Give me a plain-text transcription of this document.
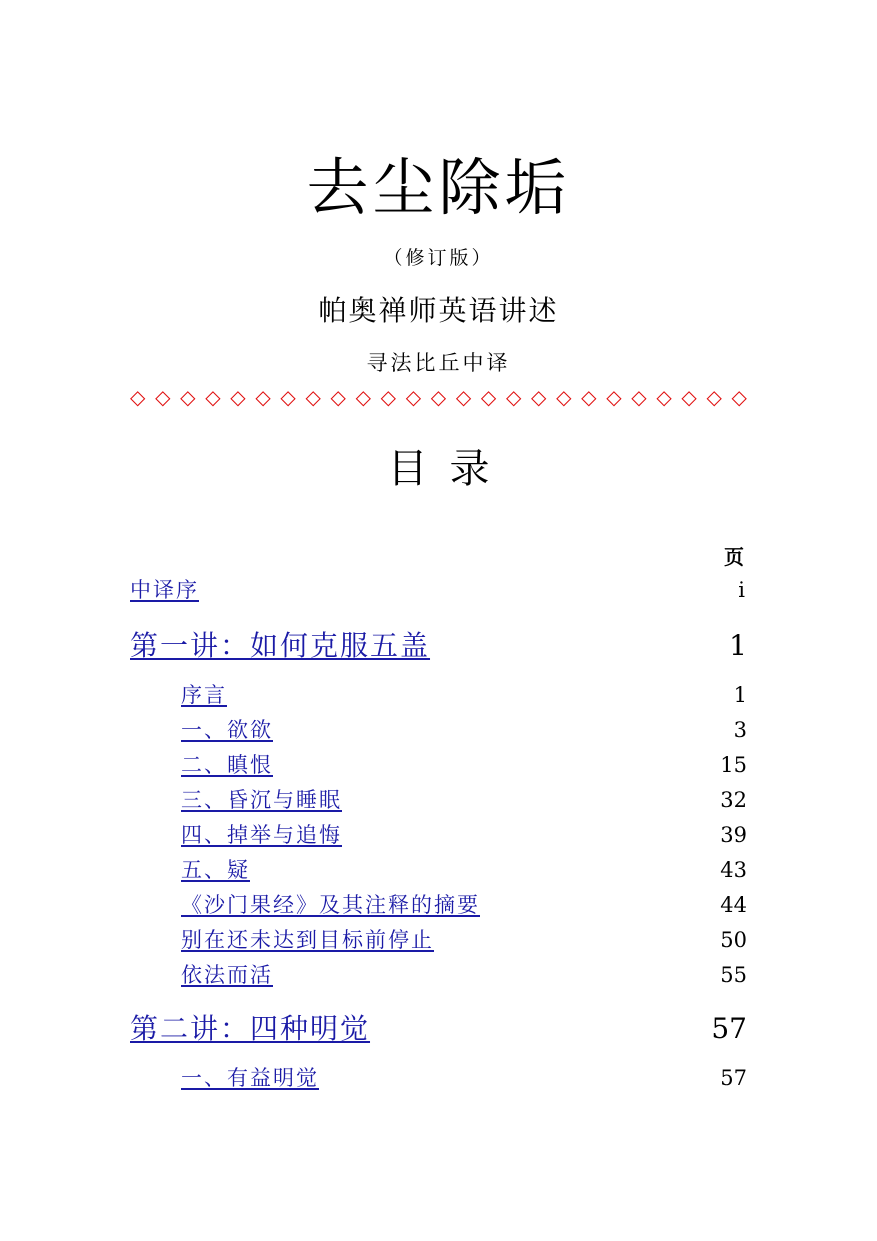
去尘除垢
（修订版）
帕奥禅师英语讲述
寻法比丘中译
◇ ◇ ◇ ◇ ◇ ◇ ◇ ◇ ◇ ◇ ◇ ◇ ◇ ◇ ◇ ◇ ◇ ◇ ◇ ◇ ◇ ◇ ◇ ◇ ◇
目录
页
中译序	i
第一讲：如何克服五盖	1
序言	1
一、欲欲	3
二、瞋恨	15
三、昏沉与睡眠	32
四、掉举与追悔	39
五、疑	43
《沙门果经》及其注释的摘要	44
别在还未达到目标前停止	50
依法而活	55
第二讲：四种明觉	57
一、有益明觉	57
